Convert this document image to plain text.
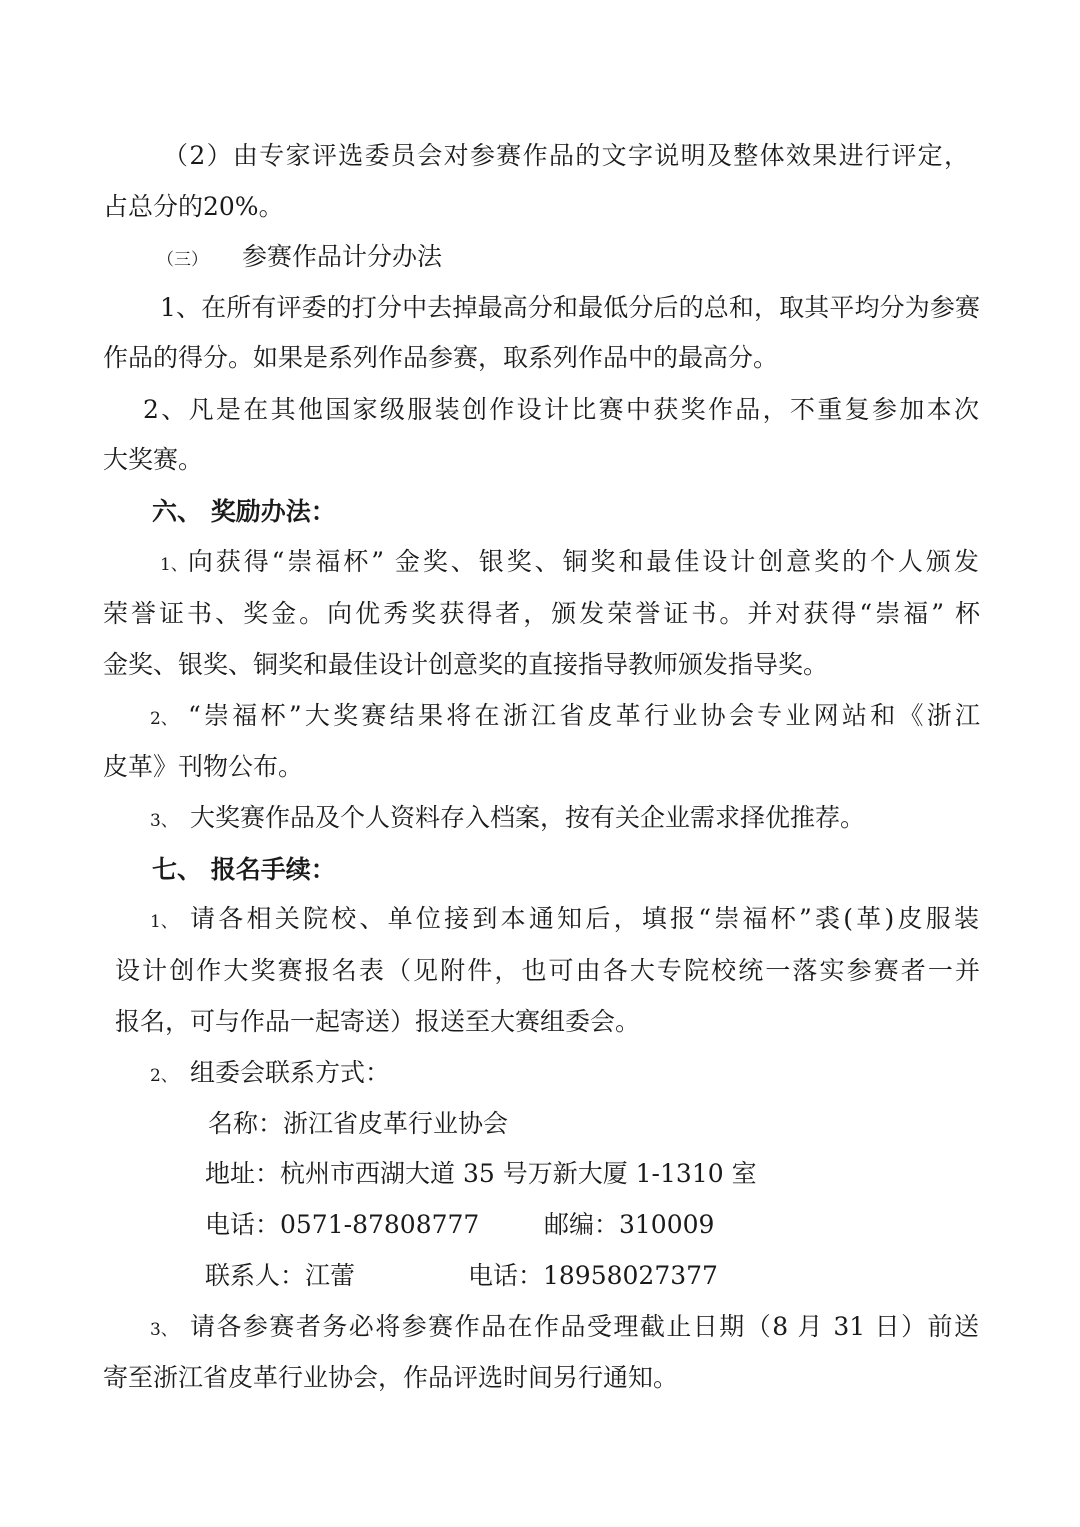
（2）由专家评选委员会对参赛作品的文字说明及整体效果进行评定，
占总分的20%。
（三） 参赛作品计分办法
1、在所有评委的打分中去掉最高分和最低分后的总和，取其平均分为参赛
作品的得分。如果是系列作品参赛，取系列作品中的最高分。
2、凡是在其他国家级服装创作设计比赛中获奖作品，不重复参加本次
大奖赛。
六、 奖励办法：
1、向获得“崇福杯” 金奖、银奖、铜奖和最佳设计创意奖的个人颁发
荣誉证书、奖金。向优秀奖获得者，颁发荣誉证书。并对获得“崇福” 杯
金奖、银奖、铜奖和最佳设计创意奖的直接指导教师颁发指导奖。
2、 “崇福杯”大奖赛结果将在浙江省皮革行业协会专业网站和《浙江
皮革》刊物公布。
3、 大奖赛作品及个人资料存入档案，按有关企业需求择优推荐。
七、 报名手续：
1、 请各相关院校、单位接到本通知后，填报“崇福杯”裘(革)皮服装
设计创作大奖赛报名表（见附件，也可由各大专院校统一落实参赛者一并
报名，可与作品一起寄送）报送至大赛组委会。
2、 组委会联系方式：
名称：浙江省皮革行业协会
地址：杭州市西湖大道 35 号万新大厦 1-1310 室
电话：0571-87808777	邮编：310009
联系人：江蕾	电话：18958027377
3、 请各参赛者务必将参赛作品在作品受理截止日期（8 月 31 日）前送
寄至浙江省皮革行业协会，作品评选时间另行通知。
